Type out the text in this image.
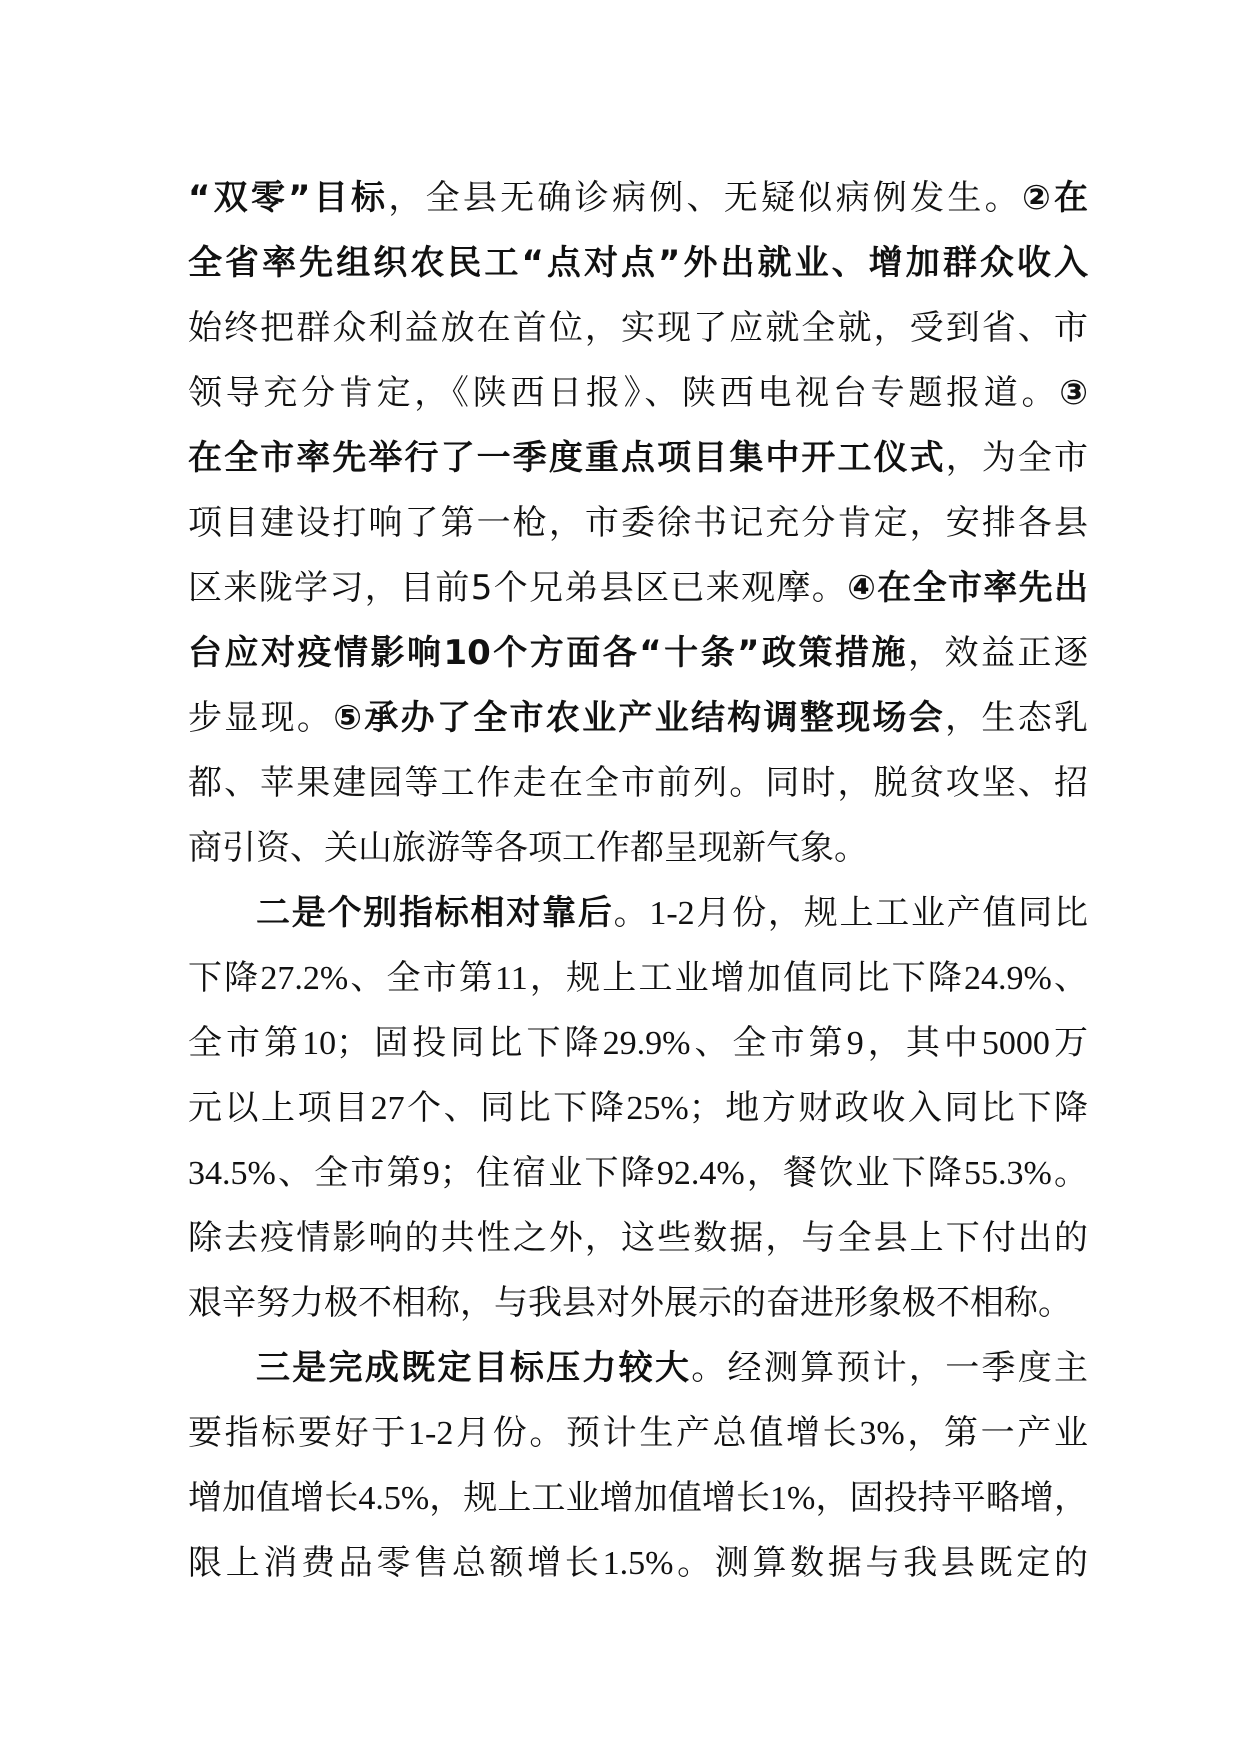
“双零”目标，全县无确诊病例、无疑似病例发生。②在
全省率先组织农民工“点对点”外出就业、增加群众收入
始终把群众利益放在首位，实现了应就全就，受到省、市
领导充分肯定，《陕西日报》、陕西电视台专题报道。③
在全市率先举行了一季度重点项目集中开工仪式，为全市
项目建设打响了第一枪，市委徐书记充分肯定，安排各县
区来陇学习，目前5个兄弟县区已来观摩。④在全市率先出
台应对疫情影响10个方面各“十条”政策措施，效益正逐
步显现。⑤承办了全市农业产业结构调整现场会，生态乳
都、苹果建园等工作走在全市前列。同时，脱贫攻坚、招
商引资、关山旅游等各项工作都呈现新气象。
二是个别指标相对靠后。1-2月份，规上工业产值同比
下降27.2%、全市第11，规上工业增加值同比下降24.9%、
全市第10；固投同比下降29.9%、全市第9，其中5000万
元以上项目27个、同比下降25%；地方财政收入同比下降
34.5%、全市第9；住宿业下降92.4%，餐饮业下降55.3%。
除去疫情影响的共性之外，这些数据，与全县上下付出的
艰辛努力极不相称，与我县对外展示的奋进形象极不相称。
三是完成既定目标压力较大。经测算预计，一季度主
要指标要好于1-2月份。预计生产总值增长3%，第一产业
增加值增长4.5%，规上工业增加值增长1%，固投持平略增，
限上消费品零售总额增长1.5%。测算数据与我县既定的
